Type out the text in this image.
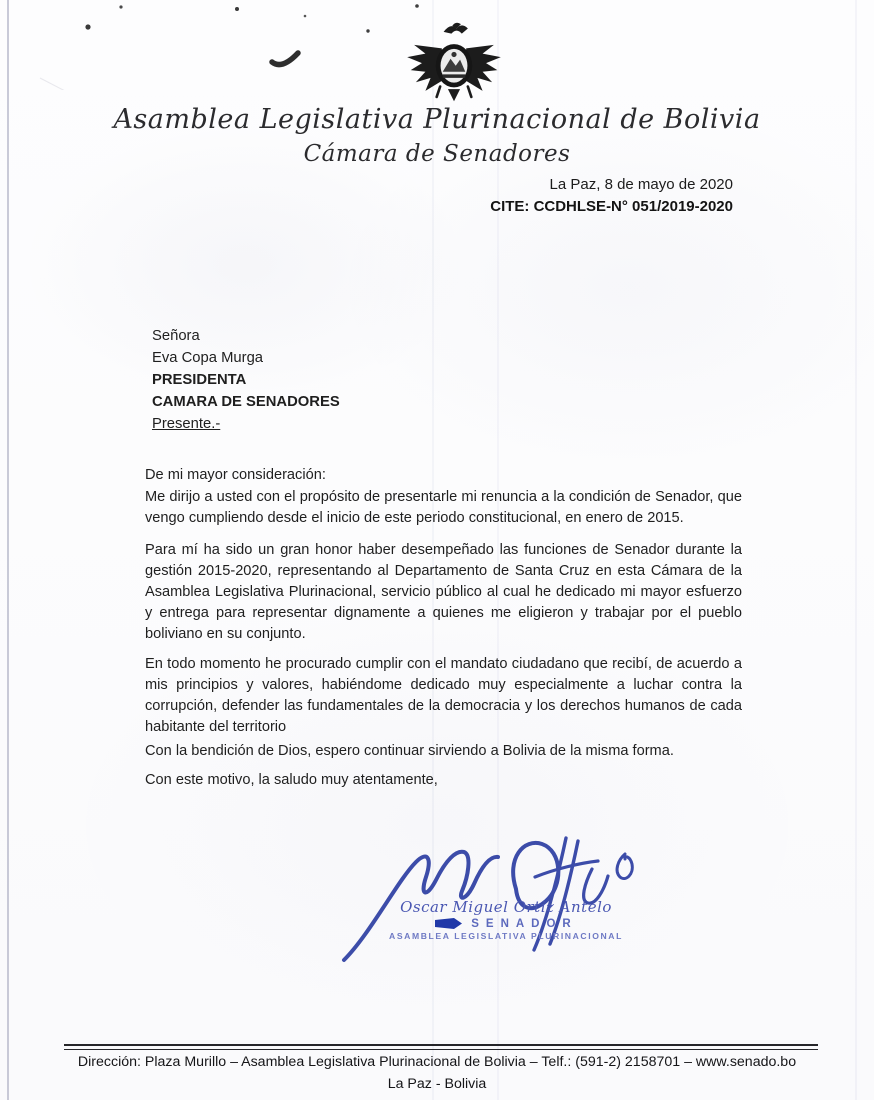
Asamblea Legislativa Plurinacional de Bolivia
Cámara de Senadores
La Paz, 8 de mayo de 2020
CITE: CCDHLSE-N° 051/2019-2020
Señora
Eva Copa Murga
PRESIDENTA
CAMARA DE SENADORES
Presente.-

De mi mayor consideración:

Me dirijo a usted con el propósito de presentarle mi renuncia a la condición de Senador, que vengo cumpliendo desde el inicio de este periodo constitucional, en enero de 2015.

Para mí ha sido un gran honor haber desempeñado las funciones de Senador durante la gestión 2015-2020, representando al Departamento de Santa Cruz en esta Cámara de la Asamblea Legislativa Plurinacional, servicio público al cual he dedicado mi mayor esfuerzo y entrega para representar dignamente a quienes me eligieron y trabajar por el pueblo boliviano en su conjunto.

En todo momento he procurado cumplir con el mandato ciudadano que recibí, de acuerdo a mis principios y valores, habiéndome dedicado muy especialmente a luchar contra la corrupción, defender las fundamentales de la democracia y los derechos humanos de cada habitante del territorio

Con la bendición de Dios, espero continuar sirviendo a Bolivia de la misma forma.

Con este motivo, la saludo muy atentamente,

Oscar Miguel Ortiz Antelo
SENADOR
ASAMBLEA LEGISLATIVA PLURINACIONAL
Dirección: Plaza Murillo – Asamblea Legislativa Plurinacional de Bolivia – Telf.: (591-2) 2158701 – www.senado.bo
La Paz - Bolivia
